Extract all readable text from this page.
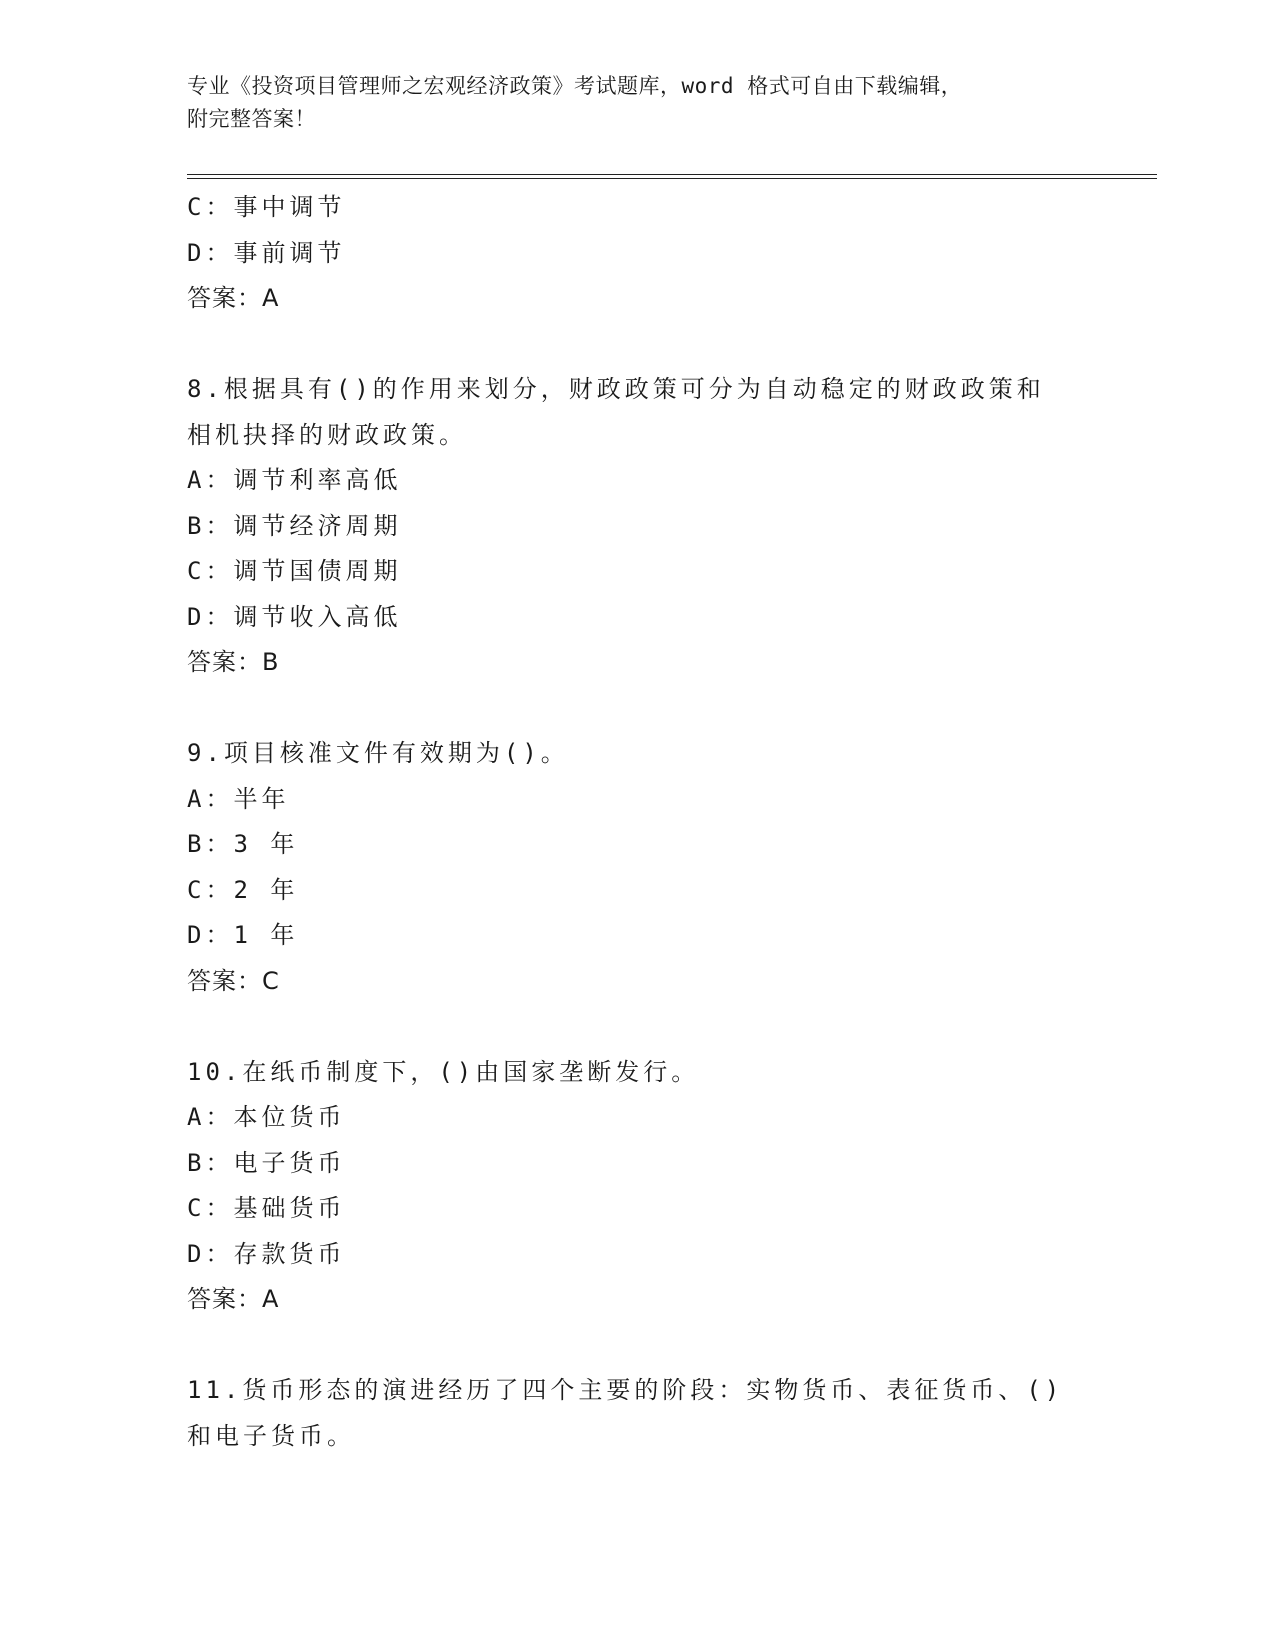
专业《投资项目管理师之宏观经济政策》考试题库，word 格式可自由下载编辑，

附完整答案！

C：事中调节

D：事前调节

答案：A

8.根据具有()的作用来划分，财政政策可分为自动稳定的财政政策和

相机抉择的财政政策。

A：调节利率高低

B：调节经济周期

C：调节国债周期

D：调节收入高低

答案：B

9.项目核准文件有效期为()。

A：半年

B：3 年

C：2 年

D：1 年

答案：C

10.在纸币制度下，()由国家垄断发行。

A：本位货币

B：电子货币

C：基础货币

D：存款货币

答案：A

11.货币形态的演进经历了四个主要的阶段：实物货币、表征货币、()

和电子货币。
